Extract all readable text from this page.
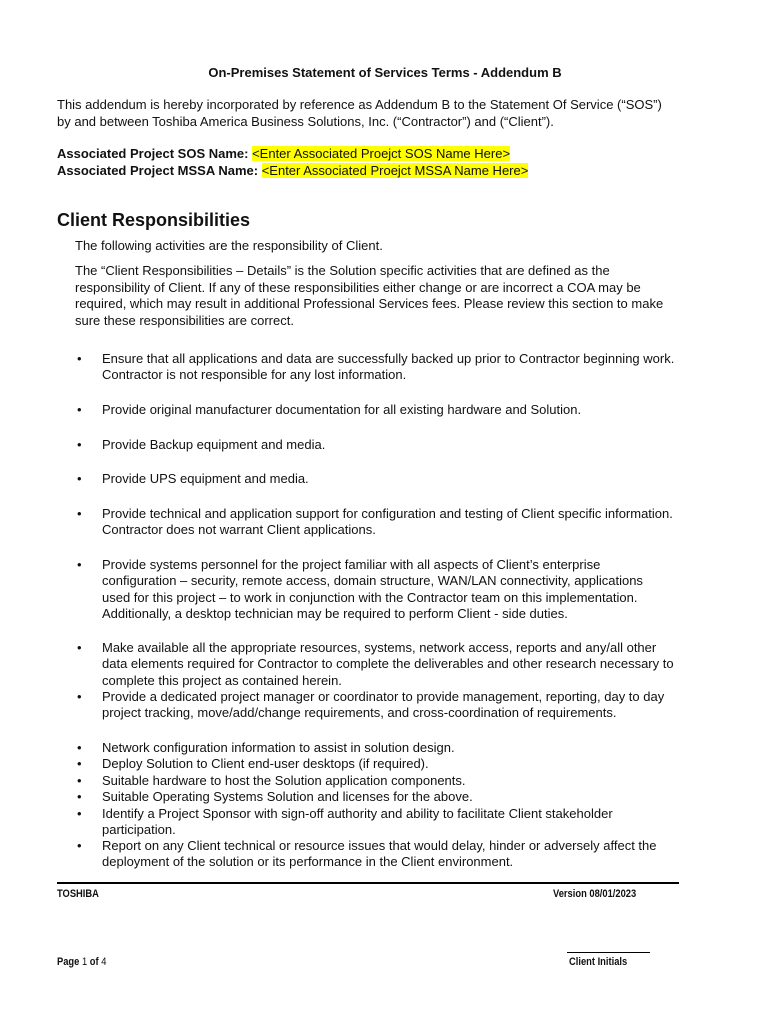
On-Premises Statement of Services Terms - Addendum B
This addendum is hereby incorporated by reference as Addendum B to the Statement Of Service (“SOS”)
by and between Toshiba America Business Solutions, Inc. (“Contractor”) and (“Client”).
Associated Project SOS Name: <Enter Associated Proejct SOS Name Here>
Associated Project MSSA Name: <Enter Associated Proejct MSSA Name Here>
Client Responsibilities
The following activities are the responsibility of Client.
The “Client Responsibilities – Details” is the Solution specific activities that are defined as the
responsibility of Client. If any of these responsibilities either change or are incorrect a COA may be
required, which may result in additional Professional Services fees. Please review this section to make
sure these responsibilities are correct.
•	Ensure that all applications and data are successfully backed up prior to Contractor beginning work.
Contractor is not responsible for any lost information.
•	Provide original manufacturer documentation for all existing hardware and Solution.
•	Provide Backup equipment and media.
•	Provide UPS equipment and media.
•	Provide technical and application support for configuration and testing of Client specific information.
Contractor does not warrant Client applications.
•	Provide systems personnel for the project familiar with all aspects of Client’s enterprise
configuration – security, remote access, domain structure, WAN/LAN connectivity, applications
used for this project – to work in conjunction with the Contractor team on this implementation.
Additionally, a desktop technician may be required to perform Client - side duties.
•	Make available all the appropriate resources, systems, network access, reports and any/all other
data elements required for Contractor to complete the deliverables and other research necessary to
complete this project as contained herein.
•	Provide a dedicated project manager or coordinator to provide management, reporting, day to day
project tracking, move/add/change requirements, and cross-coordination of requirements.
•	Network configuration information to assist in solution design.
•	Deploy Solution to Client end-user desktops (if required).
•	Suitable hardware to host the Solution application components.
•	Suitable Operating Systems Solution and licenses for the above.
•	Identify a Project Sponsor with sign-off authority and ability to facilitate Client stakeholder
participation.
•	Report on any Client technical or resource issues that would delay, hinder or adversely affect the
deployment of the solution or its performance in the Client environment.
TOSHIBA	Version 08/01/2023
Page 1 of 4	Client Initials
